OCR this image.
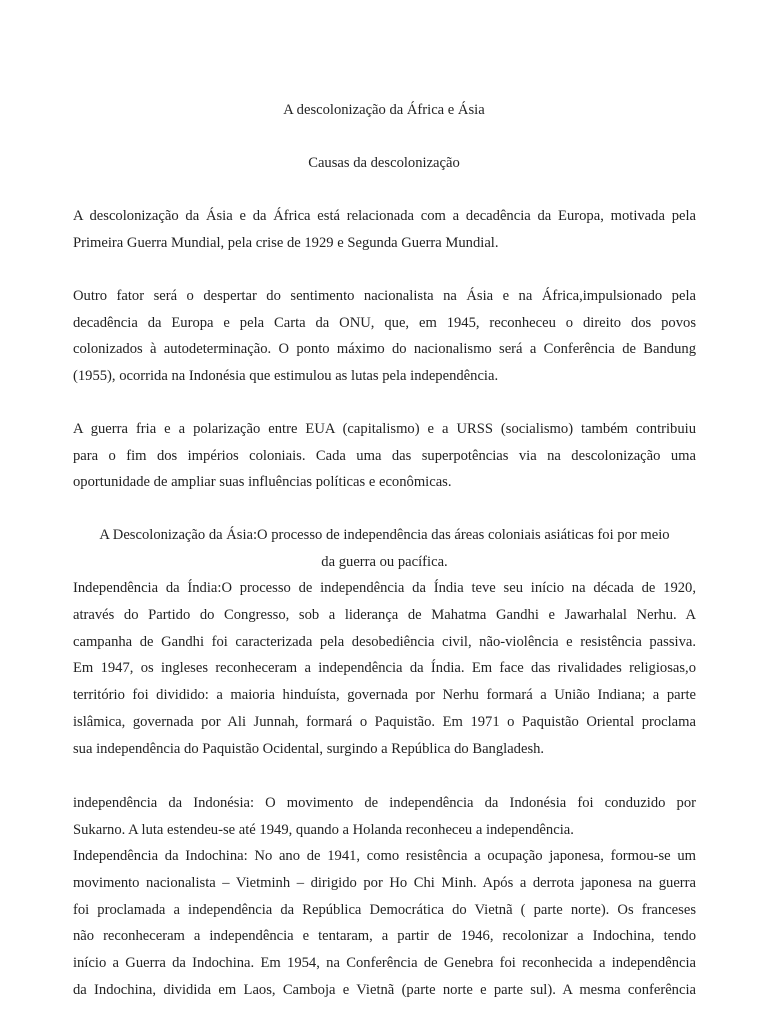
A descolonização da África e Ásia
Causas da descolonização
A descolonização da Ásia e da África está relacionada com a decadência da Europa, motivada pela
Primeira Guerra Mundial, pela crise de 1929 e Segunda Guerra Mundial.
Outro fator será o despertar do sentimento nacionalista na Ásia e na África,impulsionado pela
decadência da Europa e pela Carta da ONU, que, em 1945, reconheceu o direito dos povos
colonizados à autodeterminação. O ponto máximo do nacionalismo será a Conferência de Bandung
(1955), ocorrida na Indonésia que estimulou as lutas pela independência.
A guerra fria e a polarização entre EUA (capitalismo) e a URSS (socialismo) também contribuiu
para o fim dos impérios coloniais. Cada uma das superpotências via na descolonização uma
oportunidade de ampliar suas influências políticas e econômicas.
A Descolonização da Ásia:O processo de independência das áreas coloniais asiáticas foi por meio
da guerra ou pacífica.
Independência da Índia:O processo de independência da Índia teve seu início na década de 1920,
através do Partido do Congresso, sob a liderança de Mahatma Gandhi e Jawarhalal Nerhu. A
campanha de Gandhi foi caracterizada pela desobediência civil, não-violência e resistência passiva.
Em 1947, os ingleses reconheceram a independência da Índia. Em face das rivalidades religiosas,o
território foi dividido: a maioria hinduísta, governada por Nerhu formará a União Indiana; a parte
islâmica, governada por Ali Junnah, formará o Paquistão. Em 1971 o Paquistão Oriental proclama
sua independência do Paquistão Ocidental, surgindo a República do Bangladesh.
independência da Indonésia: O movimento de independência da Indonésia foi conduzido por
Sukarno. A luta estendeu-se até 1949, quando a Holanda reconheceu a independência.
Independência da Indochina: No ano de 1941, como resistência a ocupação japonesa, formou-se um
movimento nacionalista – Vietminh – dirigido por Ho Chi Minh. Após a derrota japonesa na guerra
foi proclamada a independência da República Democrática do Vietnã ( parte norte). Os franceses
não reconheceram a independência e tentaram, a partir de 1946, recolonizar a Indochina, tendo
início a Guerra da Indochina. Em 1954, na Conferência de Genebra foi reconhecida a independência
da Indochina, dividida em Laos, Camboja e Vietnã (parte norte e parte sul). A mesma conferência
